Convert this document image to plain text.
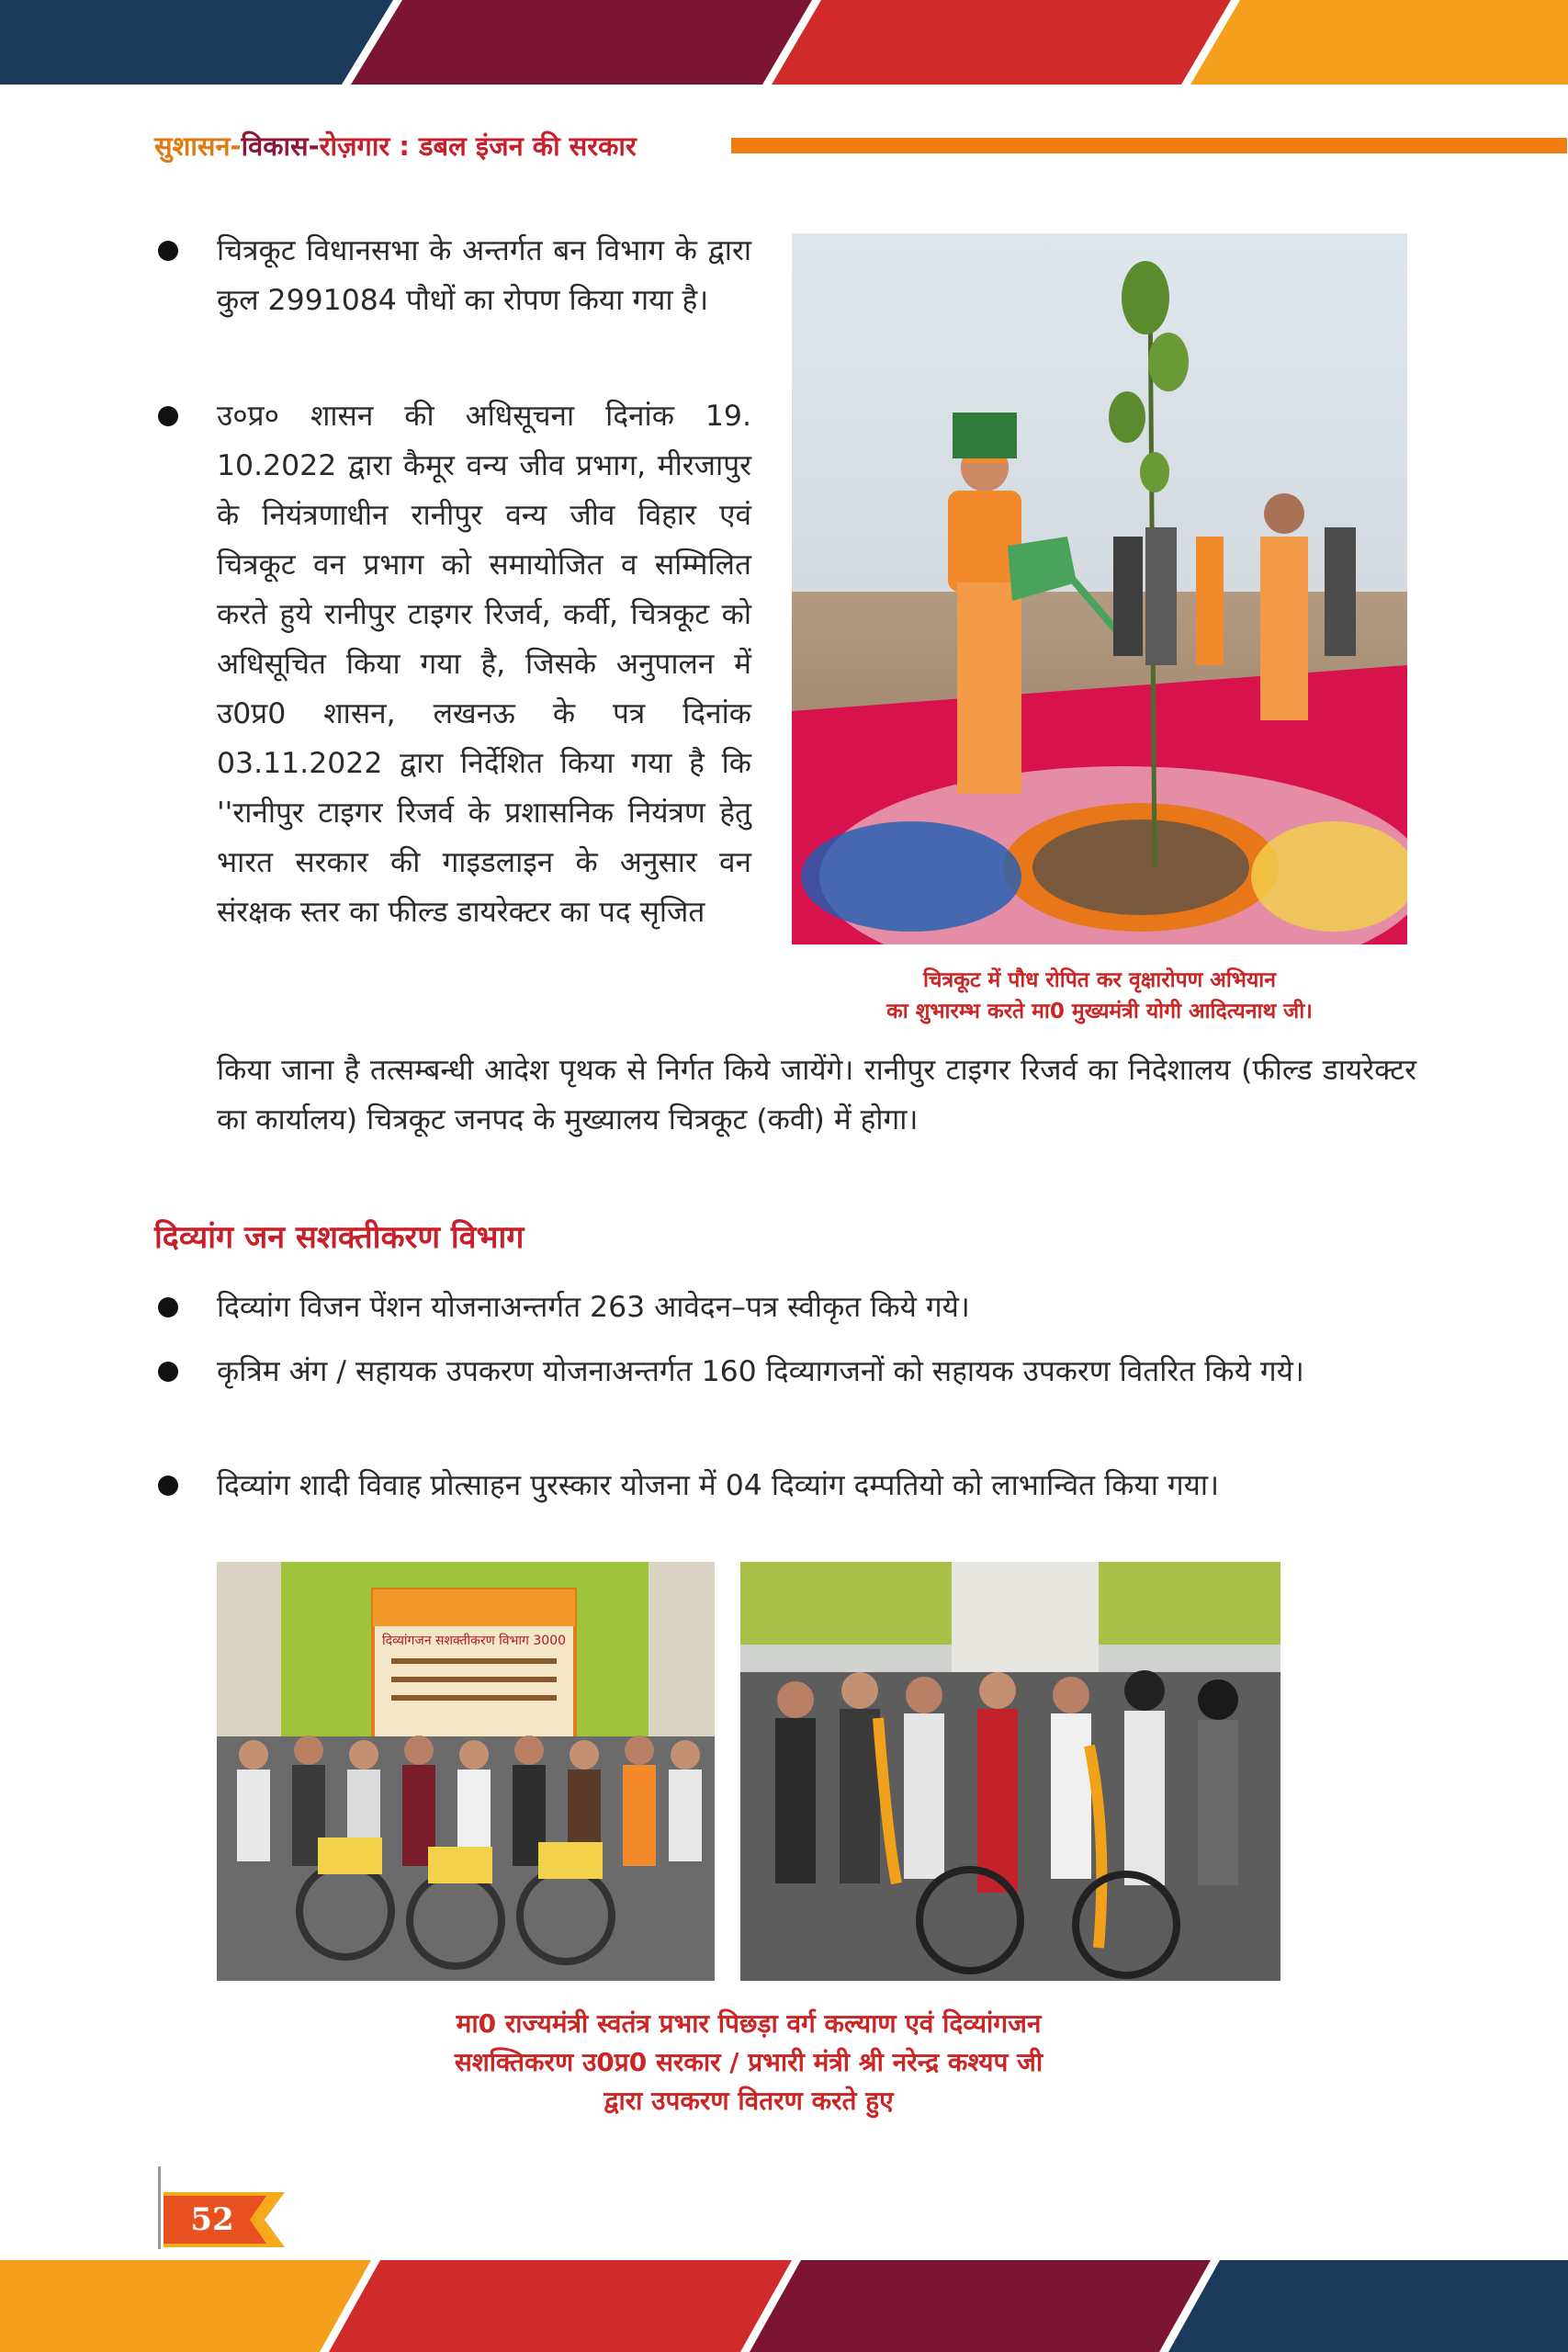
सुशासन-विकास-रोज़गार : डबल इंजन की सरकार
चित्रकूट विधानसभा के अन्तर्गत बन विभाग के द्वारा कुल 2991084 पौधों का रोपण किया गया है।
उ०प्र० शासन की अधिसूचना दिनांक 19. 10.2022 द्वारा कैमूर वन्य जीव प्रभाग, मीरजापुर के नियंत्रणाधीन रानीपुर वन्य जीव विहार एवं चित्रकूट वन प्रभाग को समायोजित व सम्मिलित करते हुये रानीपुर टाइगर रिजर्व, कर्वी, चित्रकूट को अधिसूचित किया गया है, जिसके अनुपालन में उ0प्र0 शासन, लखनऊ के पत्र दिनांक 03.11.2022 द्वारा निर्देशित किया गया है कि ''रानीपुर टाइगर रिजर्व के प्रशासनिक नियंत्रण हेतु भारत सरकार की गाइडलाइन के अनुसार वन संरक्षक स्तर का फील्ड डायरेक्टर का पद सृजित
किया जाना है तत्सम्बन्धी आदेश पृथक से निर्गत किये जायेंगे। रानीपुर टाइगर रिजर्व का निदेशालय (फील्ड डायरेक्टर का कार्यालय) चित्रकूट जनपद के मुख्यालय चित्रकूट (कवी) में होगा।
चित्रकूट में पौध रोपित कर वृक्षारोपण अभियान
का शुभारम्भ करते मा0 मुख्यमंत्री योगी आदित्यनाथ जी।
दिव्यांग जन सशक्तीकरण विभाग
दिव्यांग विजन पेंशन योजनाअन्तर्गत 263 आवेदन–पत्र स्वीकृत किये गये।
कृत्रिम अंग / सहायक उपकरण योजनाअन्तर्गत 160 दिव्यागजनों को सहायक उपकरण वितरित किये गये।
दिव्यांग शादी विवाह प्रोत्साहन पुरस्कार योजना में 04 दिव्यांग दम्पतियो को लाभान्वित किया गया।
दिव्यांगजन सशक्तीकरण विभाग 3000
मा0 राज्यमंत्री स्वतंत्र प्रभार पिछड़ा वर्ग कल्याण एवं दिव्यांगजन
सशक्तिकरण उ0प्र0 सरकार / प्रभारी मंत्री श्री नरेन्द्र कश्यप जी
द्वारा उपकरण वितरण करते हुए
52
